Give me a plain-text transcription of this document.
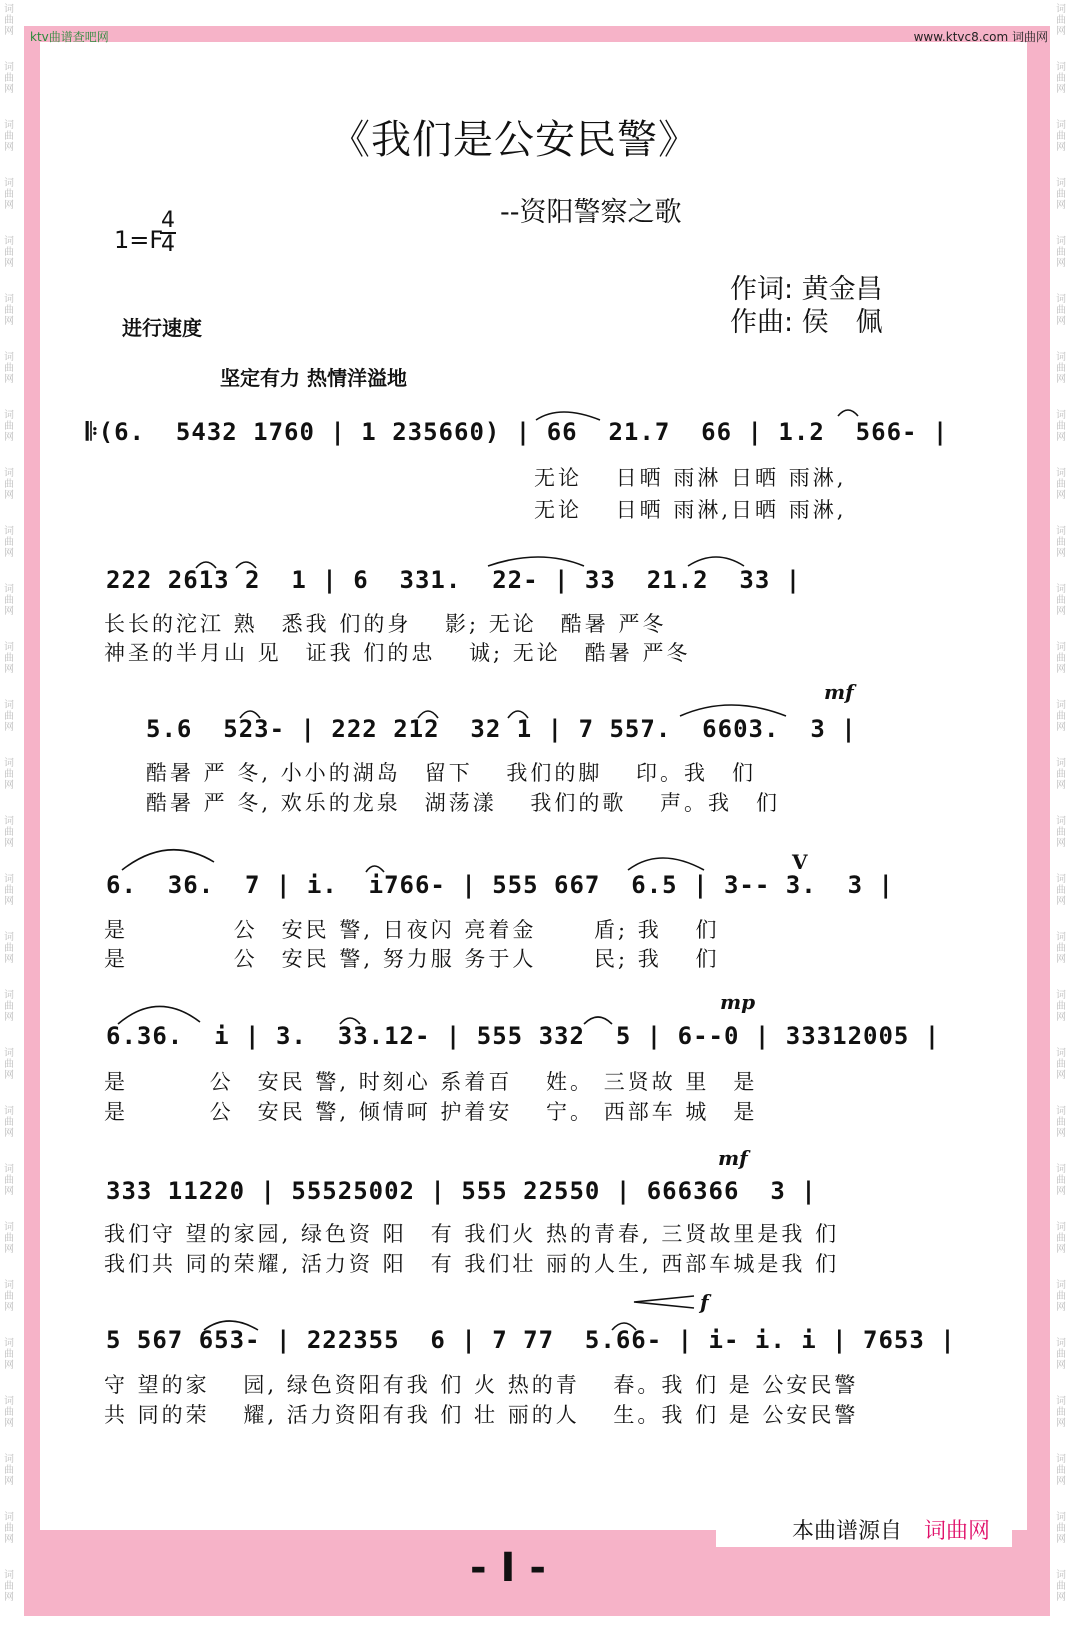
ktv曲谱查吧网	www.ktvc8.com 词曲网
《我们是公安民警》
--资阳警察之歌
1=F
4
4
作词: 黄金昌
作曲: 侯　佩
进行速度
坚定有力 热情洋溢地
𝄆(6.  5432 1760 | 1 235660) | 66  21.7  66 | 1.2  566- |
无论　 日晒 雨淋 日晒 雨淋,
无论　 日晒 雨淋,日晒 雨淋,
222 2613 2  1 | 6  331.  22- | 33  21.2  33 |
长长的沱江 熟　悉我 们的身　 影; 无论　酷暑 严冬
神圣的半月山 见　证我 们的忠　 诚; 无论　酷暑 严冬
mf
5.6  523- | 222 212  32 1 | 7 557.  6603.  3 |
酷暑 严 冬, 小小的湖岛　留下　 我们的脚　 印。我　们
酷暑 严 冬, 欢乐的龙泉　湖荡漾　 我们的歌　 声。我　们
V
6.  36.  7 | i.  i766- | 555 667  6.5 | 3-- 3.  3 |
是　　　　 公　安民 警, 日夜闪 亮着金　　 盾; 我　 们
是　　　　 公　安民 警, 努力服 务于人　　 民; 我　 们
mp
6.36.  i | 3.  33.12- | 555 332  5 | 6--0 | 33312005 |
是　　　 公　安民 警, 时刻心 系着百　 姓。 三贤故 里　是
是　　　 公　安民 警, 倾情呵 护着安　 宁。 西部车 城　是
mf
333 11220 | 55525002 | 555 22550 | 666366  3 |
我们守 望的家园, 绿色资 阳　有 我们火 热的青春, 三贤故里是我 们
我们共 同的荣耀, 活力资 阳　有 我们壮 丽的人生, 西部车城是我 们
f
5 567 653- | 222355  6 | 7 77  5.66- | i- i. i | 7653 |
守 望的家　 园, 绿色资阳有我 们 火 热的青　 春。我 们 是 公安民警
共 同的荣　 耀, 活力资阳有我 们 壮 丽的人　 生。我 们 是 公安民警
- I -
本曲谱源自 词曲网
词
曲
网
词
曲
网
词
曲
网
词
曲
网
词
曲
网
词
曲
网
词
曲
网
词
曲
网
词
曲
网
词
曲
网
词
曲
网
词
曲
网
词
曲
网
词
曲
网
词
曲
网
词
曲
网
词
曲
网
词
曲
网
词
曲
网
词
曲
网
词
曲
网
词
曲
网
词
曲
网
词
曲
网
词
曲
网
词
曲
网
词
曲
网
词
曲
网
词
曲
网
词
曲
网
词
曲
网
词
曲
网
词
曲
网
词
曲
网
词
曲
网
词
曲
网
词
曲
网
词
曲
网
词
曲
网
词
曲
网
词
曲
网
词
曲
网
词
曲
网
词
曲
网
词
曲
网
词
曲
网
词
曲
网
词
曲
网
词
曲
网
词
曲
网
词
曲
网
词
曲
网
词
曲
网
词
曲
网
词
曲
网
词
曲
网
